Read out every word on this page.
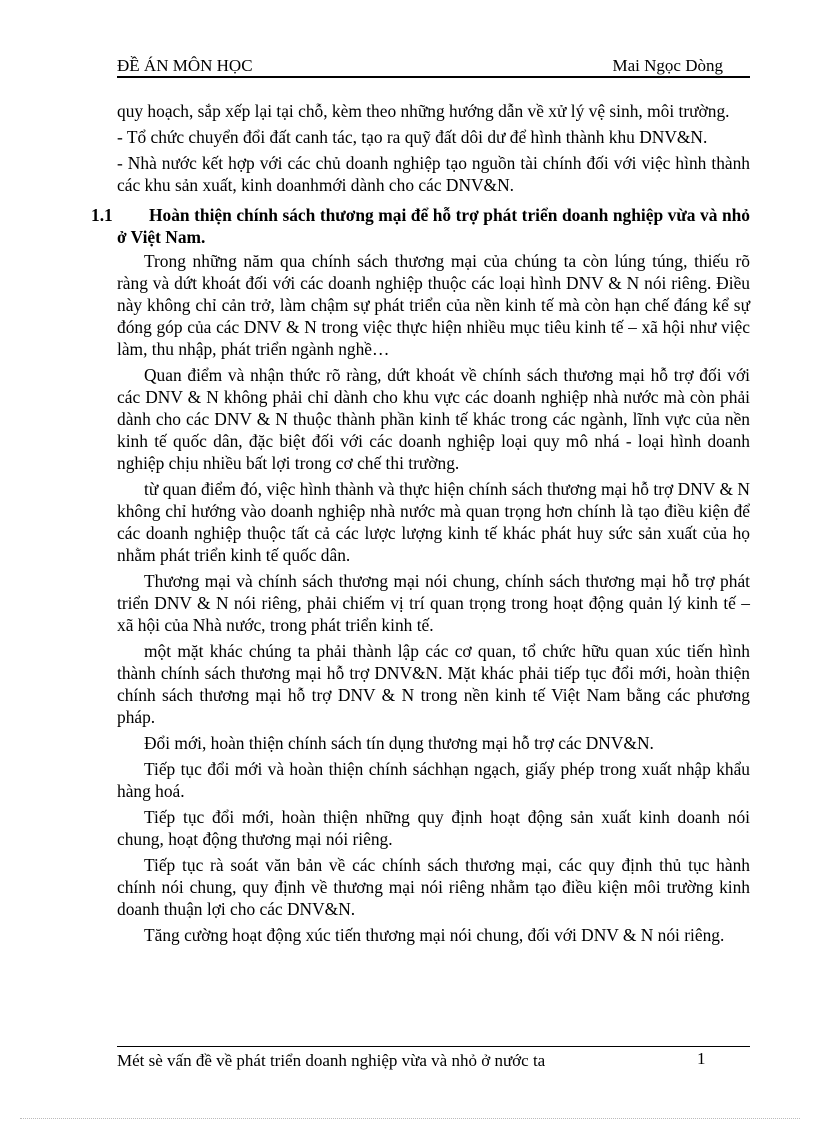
ĐỀ ÁN MÔN HỌC	Mai Ngọc Dòng

quy hoạch, sắp xếp lại tại chỗ, kèm theo những hướng dẫn về xử lý vệ sinh, môi trường.

- Tổ chức chuyển đổi đất canh tác, tạo ra quỹ đất dôi dư để hình thành khu DNV&N.

- Nhà nước kết hợp với các chủ doanh nghiệp tạo nguồn tài chính đối với việc hình thành các khu sản xuất, kinh doanhmới dành cho các DNV&N.

1.1	Hoàn thiện chính sách thương mại để hỗ trợ phát triển doanh nghiệp vừa và nhỏ ở Việt Nam.

Trong những năm qua chính sách thương mại của chúng ta còn lúng túng, thiếu rõ ràng và dứt khoát đối với các doanh nghiệp thuộc các loại hình DNV & N nói riêng. Điều này không chỉ cản trở, làm chậm sự phát triển của nền kinh tế mà còn hạn chế đáng kể sự đóng góp của các DNV & N trong việc thực hiện nhiều mục tiêu kinh tế – xã hội như việc làm, thu nhập, phát triển ngành nghề…

Quan điểm và nhận thức rõ ràng, dứt khoát về chính sách thương mại hỗ trợ đối với các DNV & N không phải chỉ dành cho khu vực các doanh nghiệp nhà nước mà còn phải dành cho các DNV & N thuộc thành phần kinh tế khác trong các ngành, lĩnh vực của nền kinh tế quốc dân, đặc biệt đối với các doanh nghiệp loại quy mô nhá - loại hình doanh nghiệp chịu nhiều bất lợi trong cơ chế thi trường.

từ quan điểm đó, việc hình thành và thực hiện chính sách thương mại hỗ trợ DNV & N không chỉ hướng vào doanh nghiệp nhà nước mà quan trọng hơn chính là tạo điều kiện để các doanh nghiệp thuộc tất cả các lược lượng kinh tế khác phát huy sức sản xuất của họ nhằm phát triển kinh tế quốc dân.

Thương mại và chính sách thương mại nói chung, chính sách thương mại hỗ trợ phát triển DNV & N nói riêng, phải chiếm vị trí quan trọng trong hoạt động quản lý kinh tế – xã hội của Nhà nước, trong phát triển kinh tế.

một mặt khác chúng ta phải thành lập các cơ quan, tổ chức hữu quan xúc tiến hình thành chính sách thương mại hỗ trợ DNV&N. Mặt khác phải tiếp tục đổi mới, hoàn thiện chính sách thương mại hỗ trợ DNV & N trong nền kinh tế Việt Nam bằng các phương pháp.

Đổi mới, hoàn thiện chính sách tín dụng thương mại hỗ trợ các DNV&N.

Tiếp tục đổi mới và hoàn thiện chính sáchhạn ngạch, giấy phép trong xuất nhập khẩu hàng hoá.

Tiếp tục đổi mới, hoàn thiện những quy định hoạt động sản xuất kinh doanh nói chung, hoạt động thương mại nói riêng.

Tiếp tục rà soát văn bản về các chính sách thương mại, các quy định thủ tục hành chính nói chung, quy định về thương mại nói riêng nhằm tạo điều kiện môi trường kinh doanh thuận lợi cho các DNV&N.

Tăng cường hoạt động xúc tiến thương mại nói chung, đối với DNV & N nói riêng.

Mét sè vấn đề về phát triển doanh nghiệp vừa và nhỏ ở nước ta	1
